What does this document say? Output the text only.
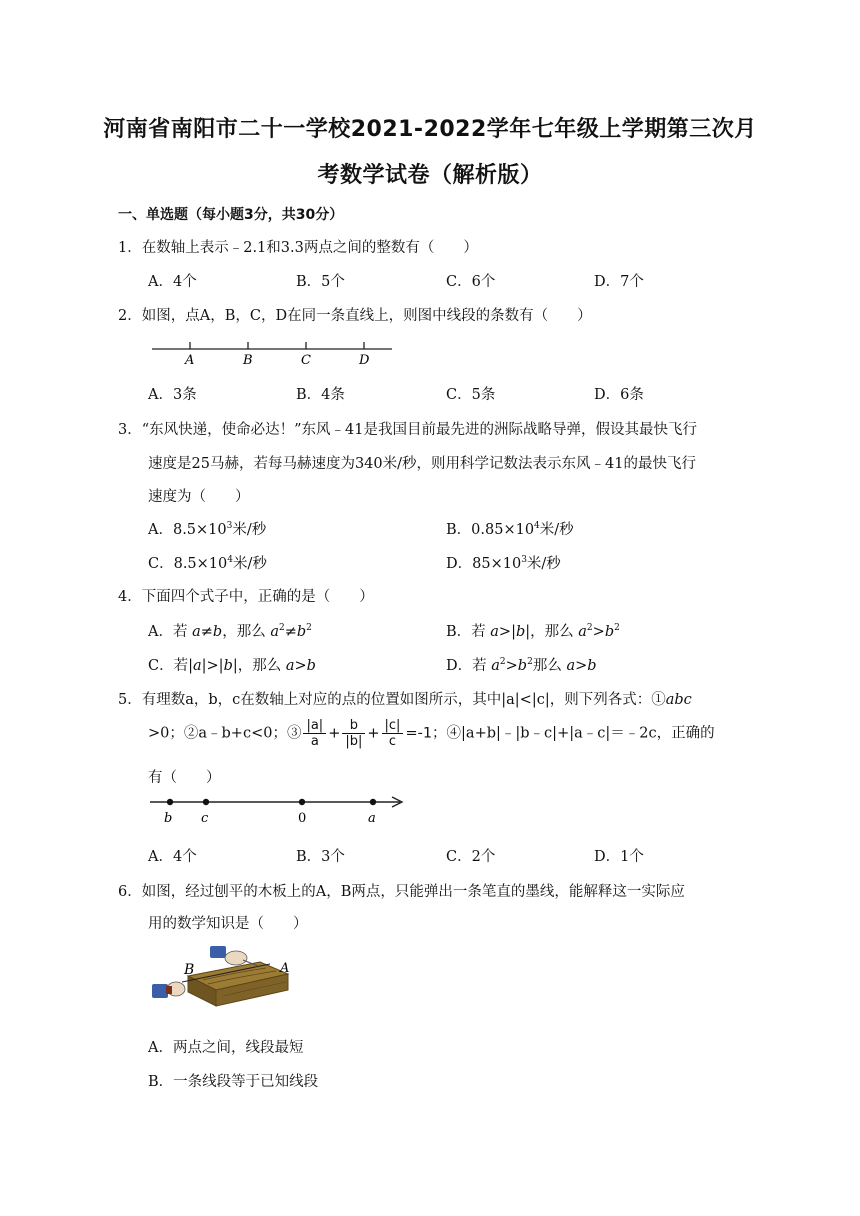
河南省南阳市二十一学校2021-2022学年七年级上学期第三次月
考数学试卷（解析版）
一、单选题（每小题3分，共30分）
1．在数轴上表示﹣2.1和3.3两点之间的整数有（　　）
A．4个	B．5个	C．6个	D．7个
2．如图，点A，B，C，D在同一条直线上，则图中线段的条数有（　　）
A	B	C	D
A．3条	B．4条	C．5条	D．6条
3．“东风快递，使命必达！”东风﹣41是我国目前最先进的洲际战略导弹，假设其最快飞行
速度是25马赫，若每马赫速度为340米/秒，则用科学记数法表示东风﹣41的最快飞行
速度为（　　）
A．$8.5\times 10^3$米/秒	B．$0.85\times 10^4$米/秒
C．$8.5\times 10^4$米/秒	D．$85\times 10^3$米/秒
4．下面四个式子中，正确的是（　　）
A．若 a≠b，那么 $a^2\ne b^2$	B．若 a>|b|，那么 $a^2>b^2$
C．若|a|>|b|，那么 a>b	D．若 $a^2>b^2$那么 a>b
5．有理数a，b，c在数轴上对应的点的位置如图所示，其中|a|<|c|，则下列各式：①abc
>0；②a﹣b+c<0；③ $\frac{|a|}{a} + \frac{b}{|b|} + \frac{|c|}{c} =-1$；④|a+b|﹣|b﹣c|+|a﹣c|＝﹣2c，正确的
有（　　）
b c	0	a
A．4个	B．3个	C．2个	D．1个
6．如图，经过刨平的木板上的A，B两点，只能弹出一条笔直的墨线，能解释这一实际应
用的数学知识是（　　）
B	A
A．两点之间，线段最短
B．一条线段等于已知线段
